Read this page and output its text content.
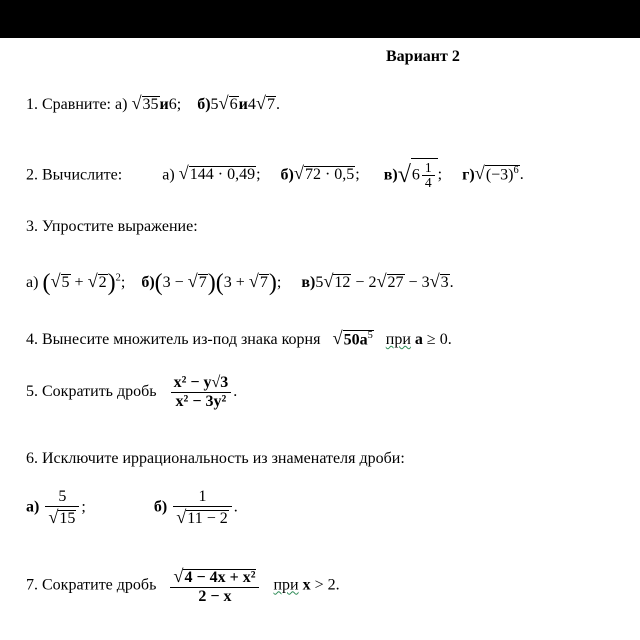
Вариант 2
1. Сравните: а) √35и6; б)5√6и4√7.
2. Вычислите:	а) √144 · 0,49; б)√72 · 0,5; $в)√6 \frac{1}{4}$ ; $г)√(-3)^6$.
3. Упростите выражение:
а) $(√5 + √2)^2$; б)(3 − √7)(3 + √7); в)5√12 − 2√27 − 3√3.
4. Вынесите множитель из-под знака корня $√50a^5$ при a ≥ 0.
5. Сократить дробь $\frac{\text{x² − y√3}}{\text{x² − 3y²}}$ .
6. Исключите иррациональность из знаменателя дроби:
$а) \frac{5}{√15}$ ;	$б) \frac{1}{√11 - 2}$ .
7. Сократите дробь $\frac{\text{√4 − 4x + x²}}{2 - x}$ при x > 2.
